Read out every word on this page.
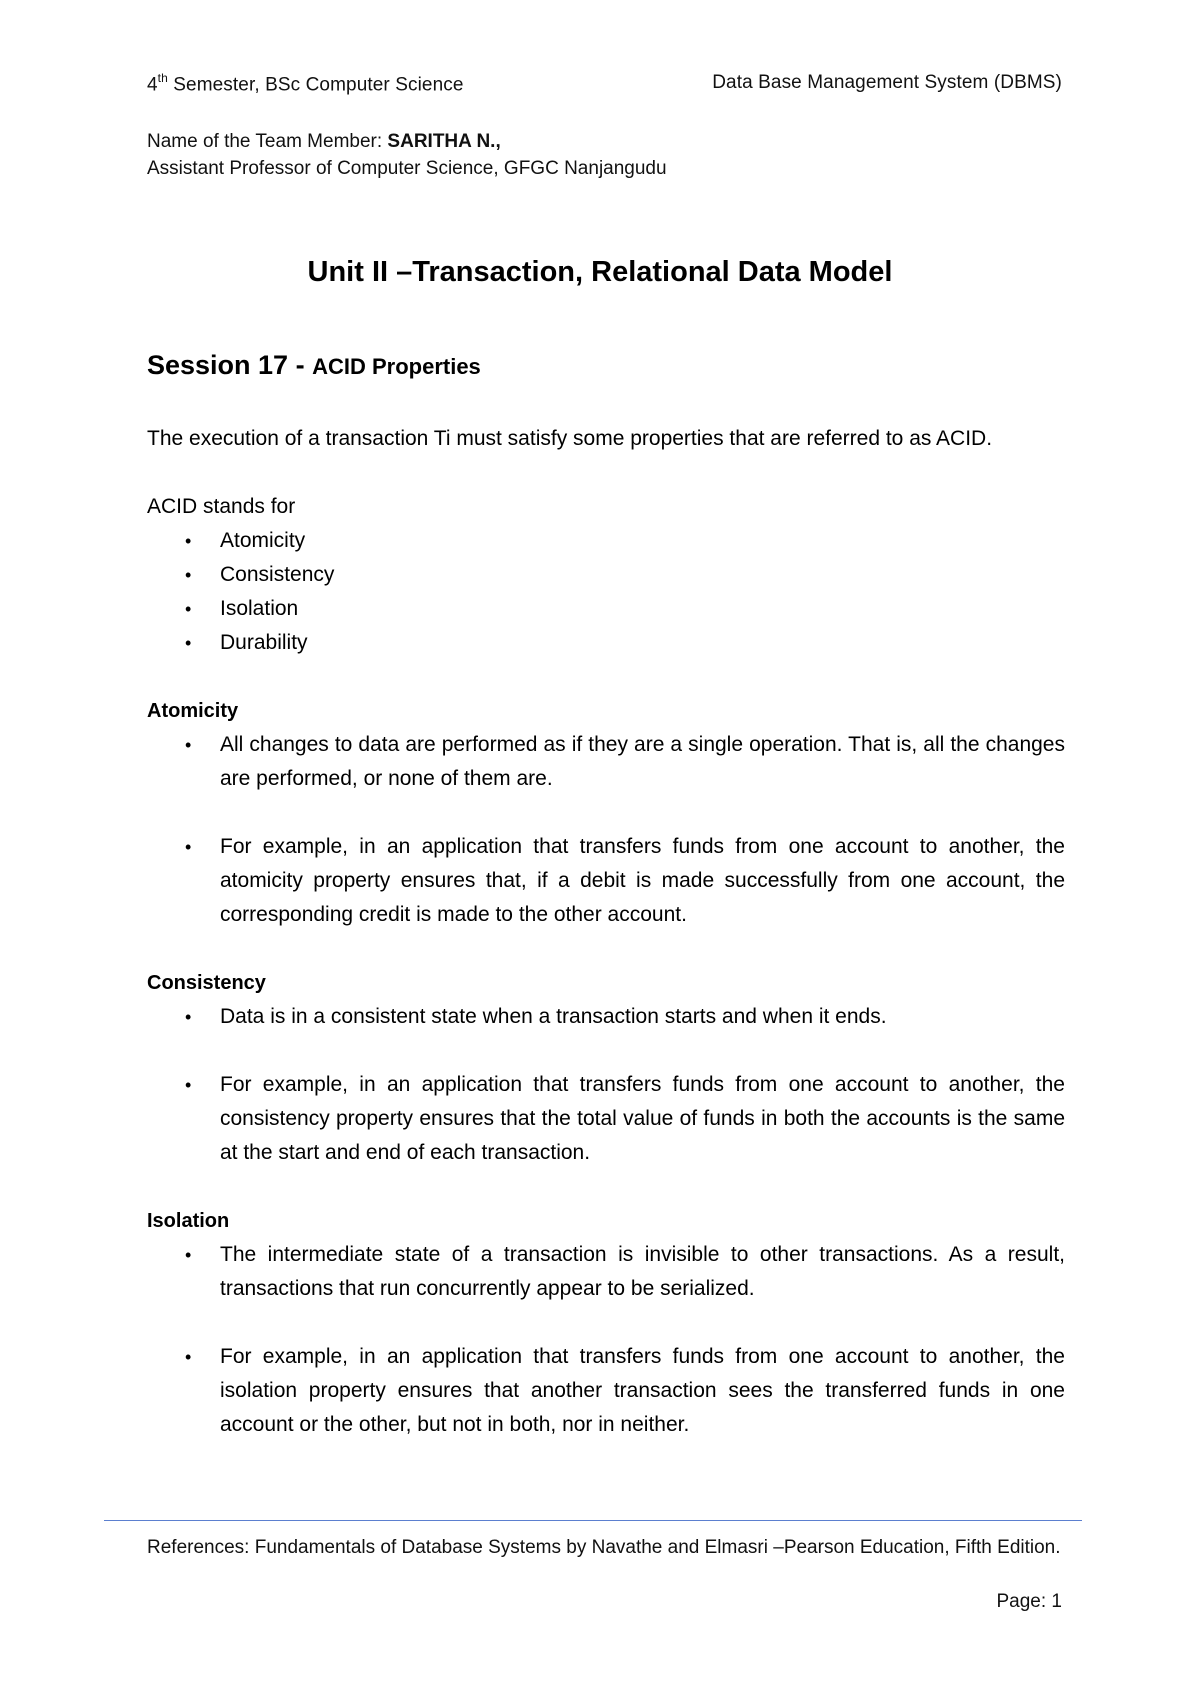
4th Semester, BSc Computer Science	Data Base Management System (DBMS)
Name of the Team Member: SARITHA N.,
Assistant Professor of Computer Science, GFGC Nanjangudu
Unit II –Transaction, Relational Data Model
Session 17 - ACID Properties

The execution of a transaction Ti must satisfy some properties that are referred to as ACID.

ACID stands for

• Atomicity
• Consistency
• Isolation
• Durability

Atomicity

• All changes to data are performed as if they are a single operation. That is, all the changes are performed, or none of them are.
• For example, in an application that transfers funds from one account to another, the atomicity property ensures that, if a debit is made successfully from one account, the corresponding credit is made to the other account.

Consistency

• Data is in a consistent state when a transaction starts and when it ends.
• For example, in an application that transfers funds from one account to another, the consistency property ensures that the total value of funds in both the accounts is the same at the start and end of each transaction.

Isolation

• The intermediate state of a transaction is invisible to other transactions. As a result, transactions that run concurrently appear to be serialized.
• For example, in an application that transfers funds from one account to another, the isolation property ensures that another transaction sees the transferred funds in one account or the other, but not in both, nor in neither.
References: Fundamentals of Database Systems by Navathe and Elmasri –Pearson Education, Fifth Edition.
Page: 1
